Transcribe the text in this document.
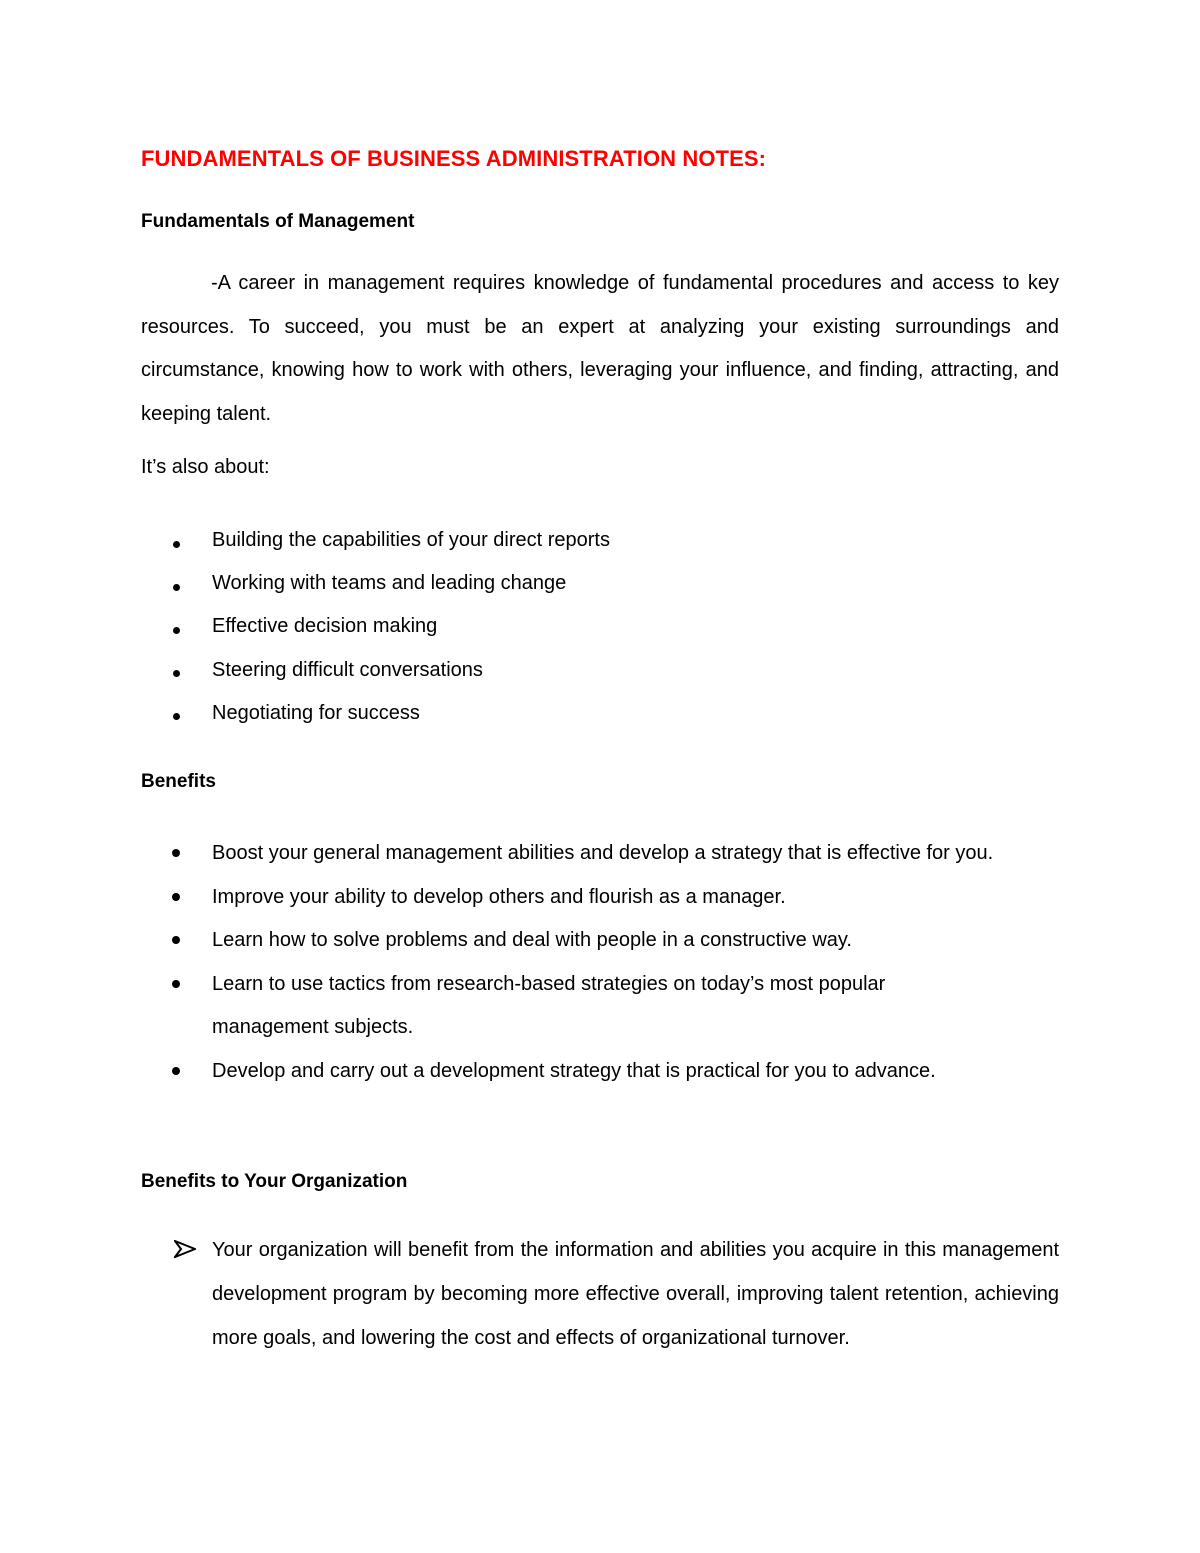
FUNDAMENTALS OF BUSINESS ADMINISTRATION NOTES:
Fundamentals of Management

-A career in management requires knowledge of fundamental procedures and access to key resources. To succeed, you must be an expert at analyzing your existing surroundings and circumstance, knowing how to work with others, leveraging your influence, and finding, attracting, and keeping talent.

It’s also about:
Building the capabilities of your direct reports
Working with teams and leading change
Effective decision making
Steering difficult conversations
Negotiating for success
Benefits
Boost your general management abilities and develop a strategy that is effective for you.
Improve your ability to develop others and flourish as a manager.
Learn how to solve problems and deal with people in a constructive way.
Learn to use tactics from research-based strategies on today’s most popular management subjects.
Develop and carry out a development strategy that is practical for you to advance.
Benefits to Your Organization

Your organization will benefit from the information and abilities you acquire in this management development program by becoming more effective overall, improving talent retention, achieving more goals, and lowering the cost and effects of organizational turnover.
